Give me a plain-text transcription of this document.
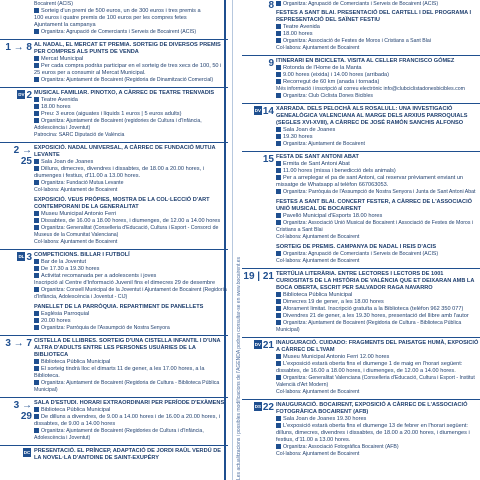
Les actualitzacions i possibles modificacions de l'AGENDA podran consultar-se en www.bocairent.es
Bocairent (ACIS)
Sorteig d'un premi de 500 euros, un de 300 euros i tres premis a
100 euros i quatre premis de 100 euros per les compres fetes
Ajuntament la campanya
Organitza: Agrupació de Comerciants i Serveis de Bocairent (ACIS)
1 → 8 AL NADAL, EL MERCAT ET PREMIA. SORTEIG DE DIVERSOS PREMIS PER COMPRES ALS PUNTS DE VENDA
Mercat Municipal
Per cada compra podràs participar en el sorteig de tres xecs de 100, 50 i 25 euros per a consumir al Mercat Municipal.
Organitza: Ajuntament de Bocairent (Regidoria de Dinamització Comercial)
DV 2 MUSICAL FAMILIAR. PINOTXO, A CÀRREC DE TEATRE TRENVADIS
Teatre Avenida
18.00 hores
Preu: 3 euros (aiguates i líquids 1 euros | 5 euros adults)
Organitza: Ajuntament de Bocairent (regidories de Cultura i d'Infància, Adolescència i Joventut)
Patrocina: SARC Diputació de València
2 → 25
EXPOSICIÓ. NADAL UNIVERSAL, A CÀRREC DE FUNDACIÓ MUTUA LEVANTE
Sala Joan de Joanes
Dilluns, dimecres, divendres i dissabtes, de 18.00 a 20.00 hores, i diumenges i festius, d'11.00 a 13.00 hores.
Organitza: Fundació Mutua Levante
Col·labora: Ajuntament de Bocairent
EXPOSICIÓ. VEUS PRÒPIES, MOSTRA DE LA COL·LECCIÓ D'ART CONTEMPORANI DE LA GENERALITAT
Museu Municipal Antonio Ferri
Dissabtes, de 16.00 a 18.00 hores, i diumenges, de 12.00 a 14.00 hores
Organitza: Generalitat (Conselleria d'Educació, Cultura i Esport - Consorci de Museus de la Comunitat Valenciana)
Col·labora: Ajuntament de Bocairent
DL 3 COMPETICIONS. BILLAR I FUTBOLÍ
Bar de la Joventut
De 17.30 a 19.30 hores
Activitat recomanada per a adolescents i joves
Inscripció al Centre d'Informació Juvenil fins el dimecres 29 de desembre
Organitza: Consell Municipal de la Joventut i Ajuntament de Bocairent (Regidoria d'Infància, Adolescència i Joventut - CIJ)
PANELLET DE LA PARRÒQUIA. REPARTIMENT DE PANELLETS
Església Parroquial
20.00 hores
Organitza: Parròquia de l'Assumpció de Nostra Senyora
3 → 7 CISTELLA DE LLIBRES. SORTEIG D'UNA CISTELLA INFANTIL I D'UNA ALTRA D'ADULTS ENTRE LES PERSONES USUÀRIES DE LA BIBLIOTECA
Biblioteca Pública Municipal
El sorteig tindrà lloc el dimarts 11 de gener, a les 17.00 hores, a la Biblioteca.
Organitza: Ajuntament de Bocairent (Regidoria de Cultura - Biblioteca Pública Municipal)
3 → 29
SALA D'ESTUDI. HORARI EXTRAORDINARI PER PERÍODE D'EXÀMENS
Biblioteca Pública Municipal
De dilluns a divendres, de 9.00 a 14.00 hores i de 16.00 a 20.00 hores, i dissabtes, de 9.00 a 14.00 hores
Organitza: Ajuntament de Bocairent (Regidories de Cultura i d'Infància, Adolescència i Joventut)
DC PRESENTACIÓ. EL PRÍNCEP, ADAPTACIÓ DE JORDI RAÜL VERDÚ DE LA NOVEL·LA D'ANTOINE DE SAINT-EXUPÉRY
8	Organitza: Agrupació de Comerciants i Serveis de Bocairent (ACIS)
FESTES A SANT BLAI. PRESENTACIÓ DEL CARTELL I DEL PROGRAMA I REPRESENTACIÓ DEL SAÏNET FESTIU
Teatre Avenida
18.00 hores
Organitza: Associació de Festes de Moros i Cristians a Sant Blai
Col·labora: Ajuntament de Bocairent
9 ITINERARI EN BICICLETA. VISITA AL CELLER FRANCISCO GÓMEZ
Rotonda de l'Home de la Manta
9.00 hores (eixida) i 14.00 hores (arribada)
Recorregut de 60 km (anada i tornada)
Més informació i inscripció al correu electrònic info@clubciclistadonesbicibles.com
Organitza: Club Ciclista Dones Bicibles
DV 14 XARRADA. DELS PELOCHÀ ALS ROSALULL: UNA INVESTIGACIÓ GENEALÒGICA VALENCIANA AL MARGE DELS ARXIUS PARROQUIALS (SEGLES XVI-XVIII), A CÀRREC DE JOSÉ RAMÓN SANCHIS ALFONSO
Sala Joan de Joanes
19.30 hores
Organitza: Ajuntament de Bocairent
15 FESTA DE SANT ANTONI ABAT
Ermita de Sant Antoni Abat
11.00 hores (missa i benedicció dels animals)
Per a arreplegar el pa de sant Antoni, cal reservar prèviament enviant un missatge de Whatsapp al telèfon 667063053.
Organitza: Parròquia de l'Assumpció de Nostra Senyora i Junta de Sant Antoni Abat
FESTES A SANT BLAI. CONCERT FESTER, A CÀRREC DE L'ASSOCIACIÓ UNIÓ MUSICAL DE BOCAIRENT
Pavelló Municipal d'Esports 18.00 hores
Organitza: Associació Unió Musical de Bocairent i Associació de Festes de Moros i Cristians a Sant Blai
Col·labora: Ajuntament de Bocairent
SORTEIG DE PREMIS. CAMPANYA DE NADAL I REIS D'ACIS
Organitza: Agrupació de Comerciants i Serveis de Bocairent (ACIS)
Col·labora: Ajuntament de Bocairent
19 | 21 TERTÚLIA LITERÀRIA. ENTRE LECTORES I LECTORS DE 1001 CURIOSITATS DE LA HISTÒRIA DE VALÈNCIA QUE ET DEIXARAN AMB LA BOCA OBERTA, ESCRIT PER SALVADOR RAGA NAVARRO
Biblioteca Pública Municipal
Dimecres 19 de gener, a les 18.00 hores
Aforament limitat. Inscripció gratuïta a la Biblioteca (telèfon 962 350 077)
Divendres 21 de gener, a les 19.30 hores, presentació del llibre amb l'autor
Organitza: Ajuntament de Bocairent (Regidoria de Cultura - Biblioteca Pública Municipal)
DV 21 INAUGURACIÓ. CUIDADO: FRAGMENTS DEL PAISATGE HUMÀ, EXPOSICIÓ A CÀRREC DE L'IVAM
Museu Municipal Antonio Ferri 12.00 hores
L'exposició estarà oberta fins el diumenge 1 de maig en l'horari següent: dissabtes, de 16.00 a 18.00 hores, i diumenges, de 12.00 a 14.00 hores.
Organitza: Generalitat Valenciana (Conselleria d'Educació, Cultura i Esport - Institut Valencià d'Art Modern)
Col·labora: Ajuntament de Bocairent
DS 22 INAUGURACIÓ. BOCAIRENT, EXPOSICIÓ A CÀRREC DE L'ASSOCIACIÓ FOTOGRÀFICA BOCAIRENT (AFB)
Sala Joan de Joanes 19.30 hores
L'exposició estarà oberta fins el diumenge 13 de febrer en l'horari següent: dilluns, dimecres, divendres i dissabtes, de 18.00 a 20.00 hores, i diumenges i festius, d'11.00 a 13.00 hores.
Organitza: Associació Fotogràfica Bocairent (AFB)
Col·labora: Ajuntament de Bocairent
